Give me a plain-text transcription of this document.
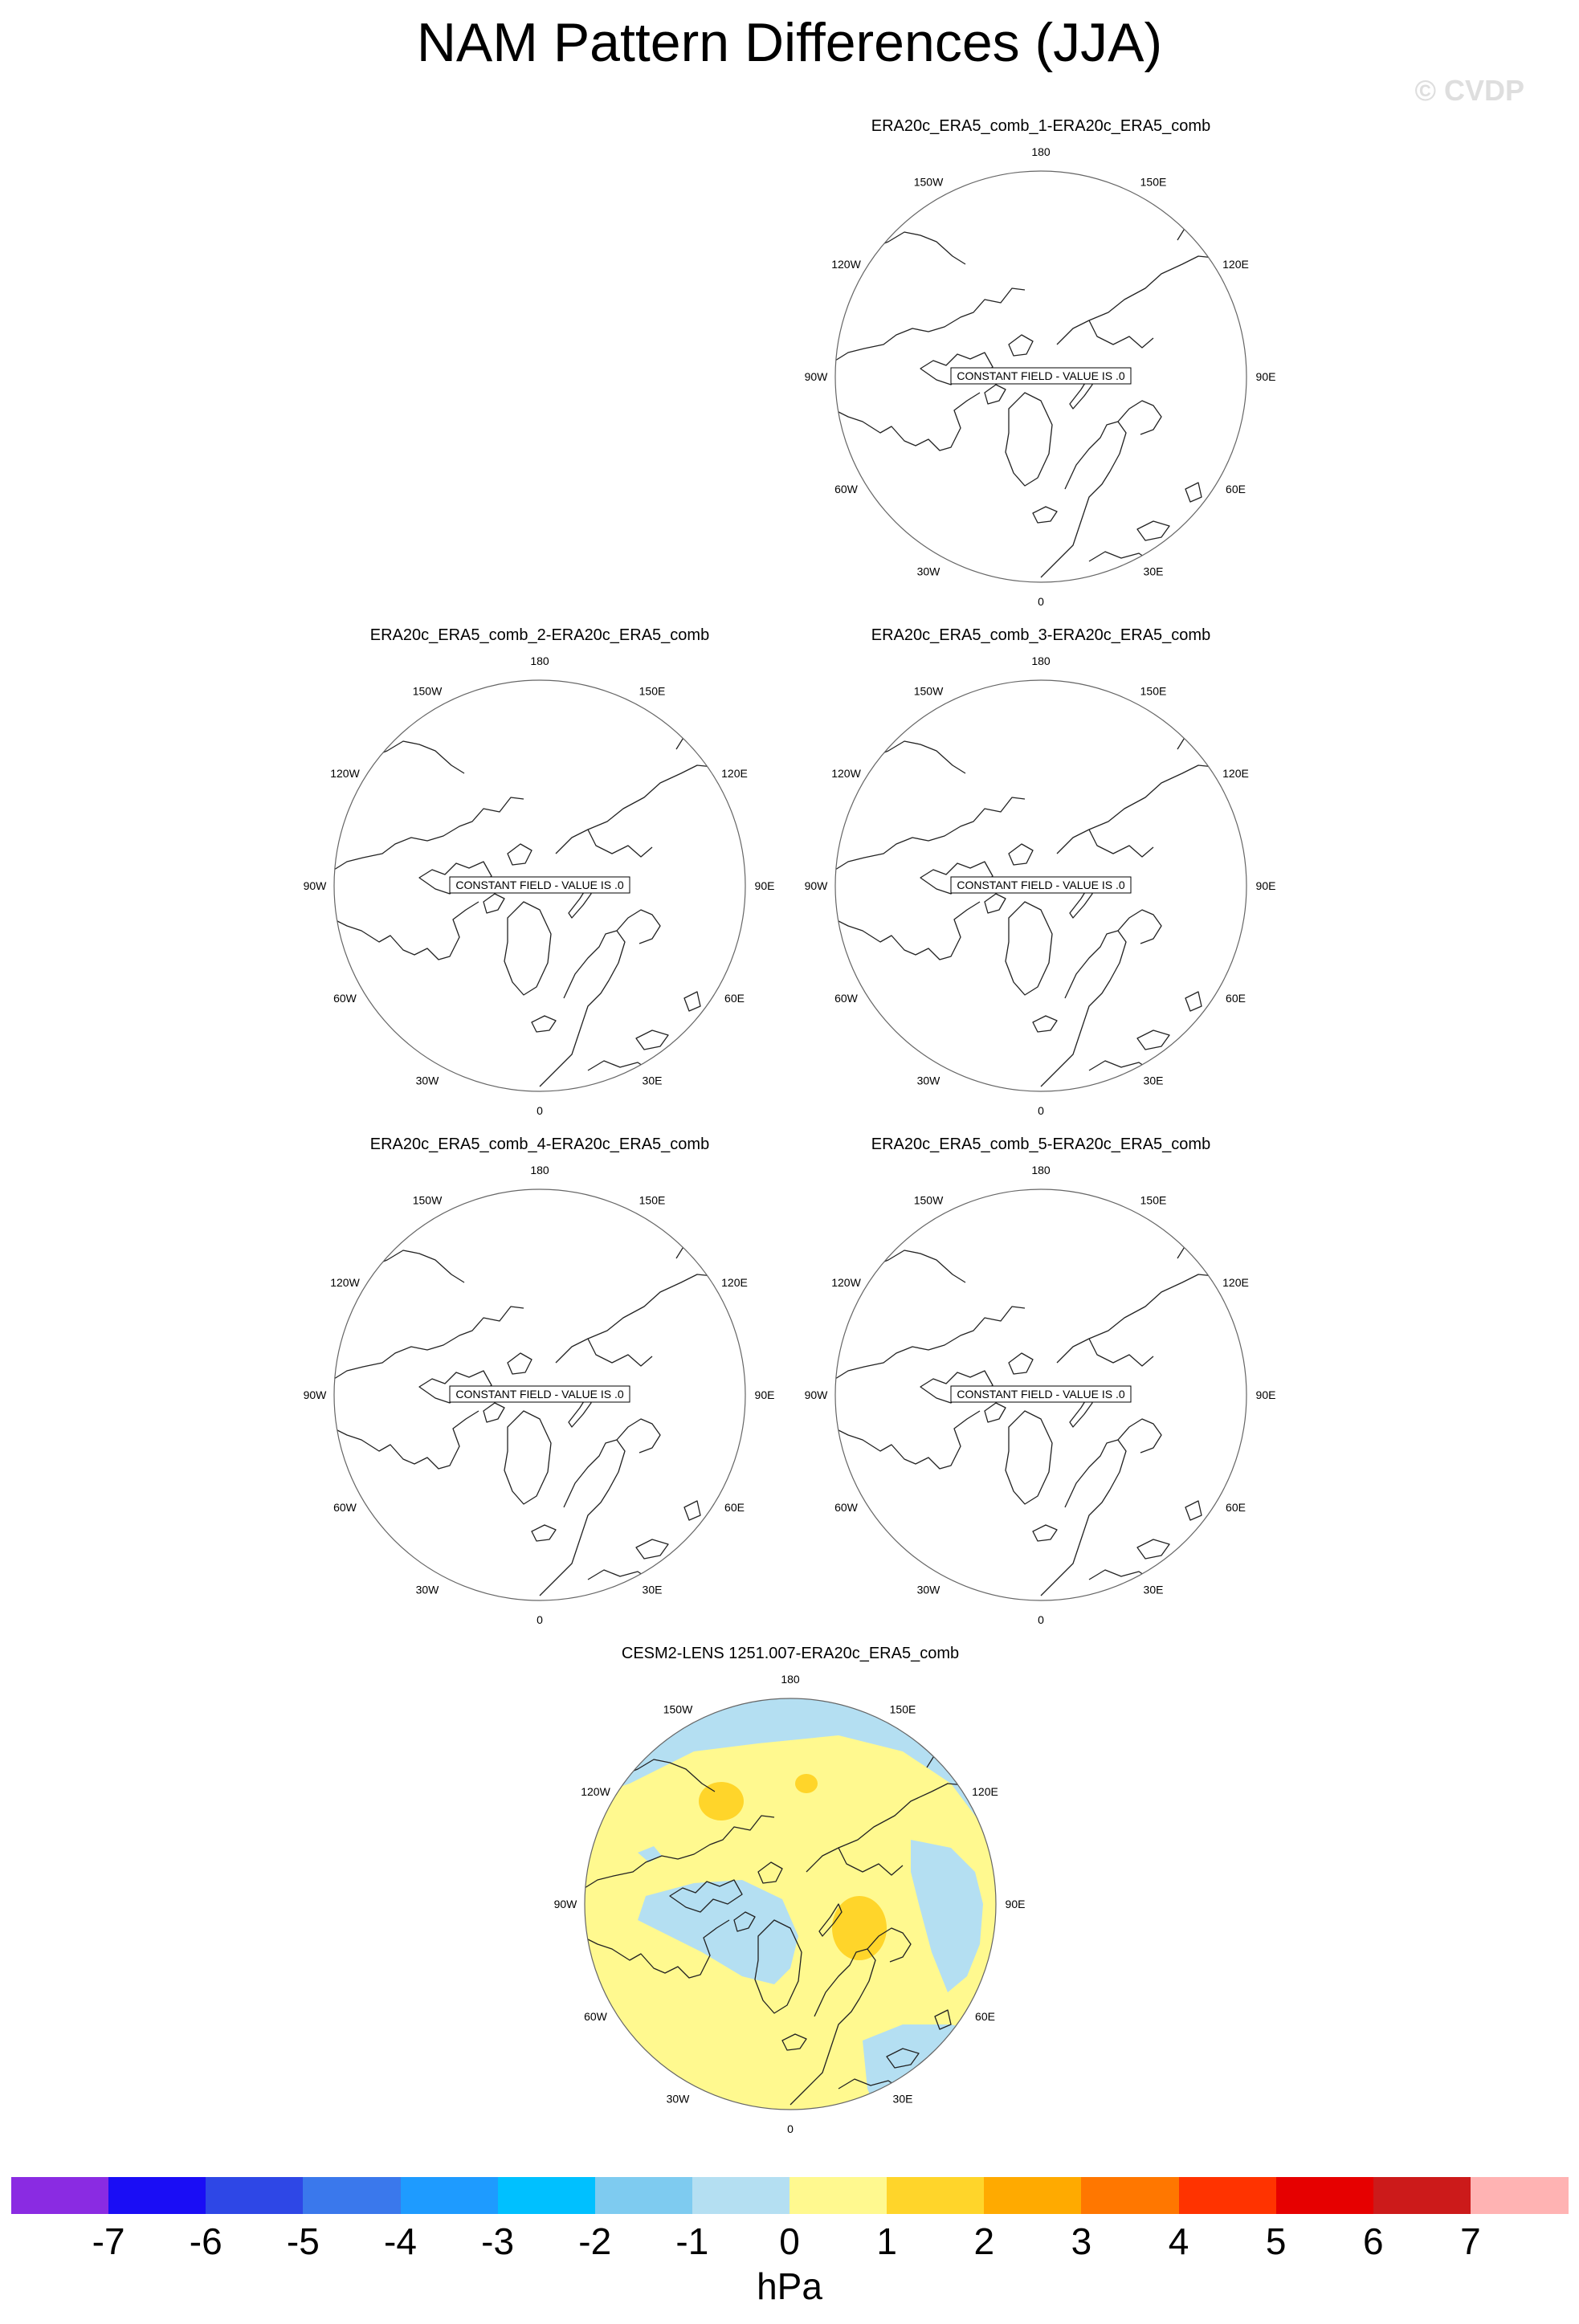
NAM Pattern Differences (JJA)
© CVDP
ERA20c_ERA5_comb_1-ERA20c_ERA5_comb
180
150E
120E
90E
60E
30E
0
30W
60W
90W
120W
150W
CONSTANT FIELD - VALUE IS .0
ERA20c_ERA5_comb_2-ERA20c_ERA5_comb
180
150E
120E
90E
60E
30E
0
30W
60W
90W
120W
150W
CONSTANT FIELD - VALUE IS .0
ERA20c_ERA5_comb_3-ERA20c_ERA5_comb
180
150E
120E
90E
60E
30E
0
30W
60W
90W
120W
150W
CONSTANT FIELD - VALUE IS .0
ERA20c_ERA5_comb_4-ERA20c_ERA5_comb
180
150E
120E
90E
60E
30E
0
30W
60W
90W
120W
150W
CONSTANT FIELD - VALUE IS .0
ERA20c_ERA5_comb_5-ERA20c_ERA5_comb
180
150E
120E
90E
60E
30E
0
30W
60W
90W
120W
150W
CONSTANT FIELD - VALUE IS .0
CESM2-LENS 1251.007-ERA20c_ERA5_comb
180
150E
120E
90E
60E
30E
0
30W
60W
90W
120W
150W
hPa
-7	-6	-5	-4	-3	-2	-1	0	1	2	3	4	5	6	7
